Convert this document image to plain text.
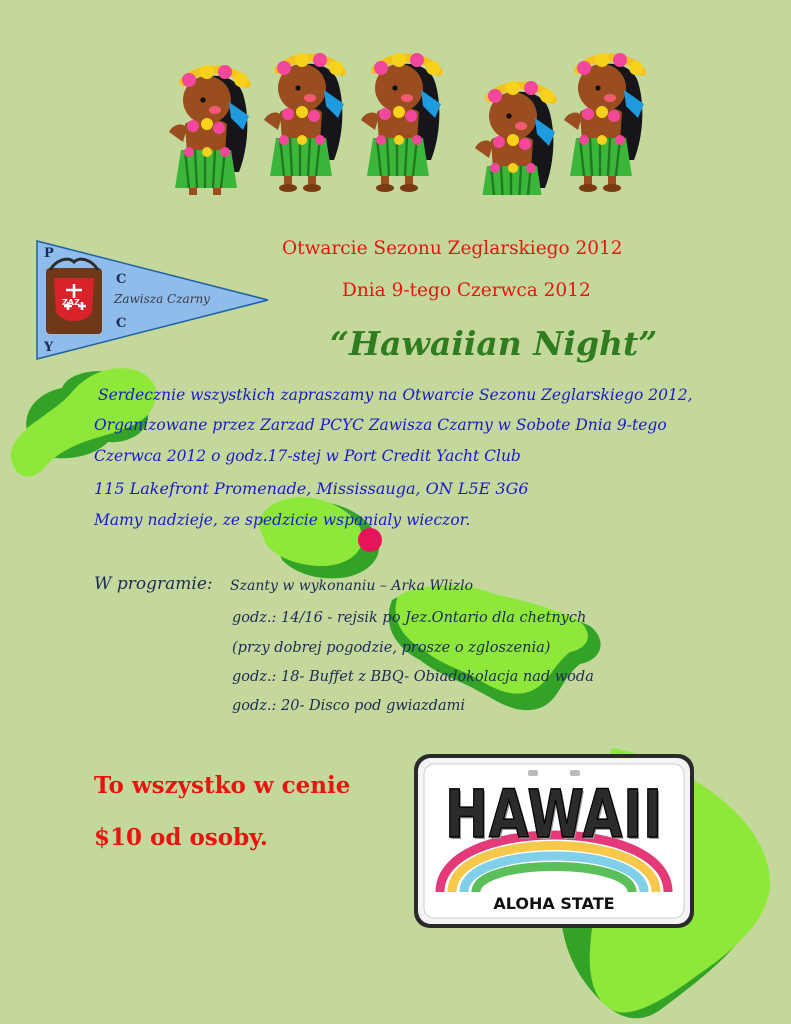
P
C
C
Y
ZAZ	Zawisza Czarny
Otwarcie Sezonu Zeglarskiego 2012
Dnia 9-tego Czerwca 2012
“Hawaiian Night”
Serdecznie wszystkich zapraszamy na Otwarcie Sezonu Zeglarskiego 2012,
Organizowane przez Zarzad PCYC Zawisza Czarny w Sobote Dnia 9-tego
Czerwca 2012 o godz.17-stej w Port Credit Yacht Club
115 Lakefront Promenade, Mississauga, ON L5E 3G6
Mamy nadzieje, ze spedzicie wspanialy wieczor.
W programie: Szanty w wykonaniu – Arka Wlizlo
godz.: 14/16 - rejsik po Jez.Ontario dla chetnych
(przy dobrej pogodzie, prosze o zgloszenia)
godz.: 18- Buffet z BBQ- Obiadokolacja nad woda
godz.: 20- Disco pod gwiazdami
To wszystko w cenie
$10 od osoby.	HAWAII
ALOHA STATE
